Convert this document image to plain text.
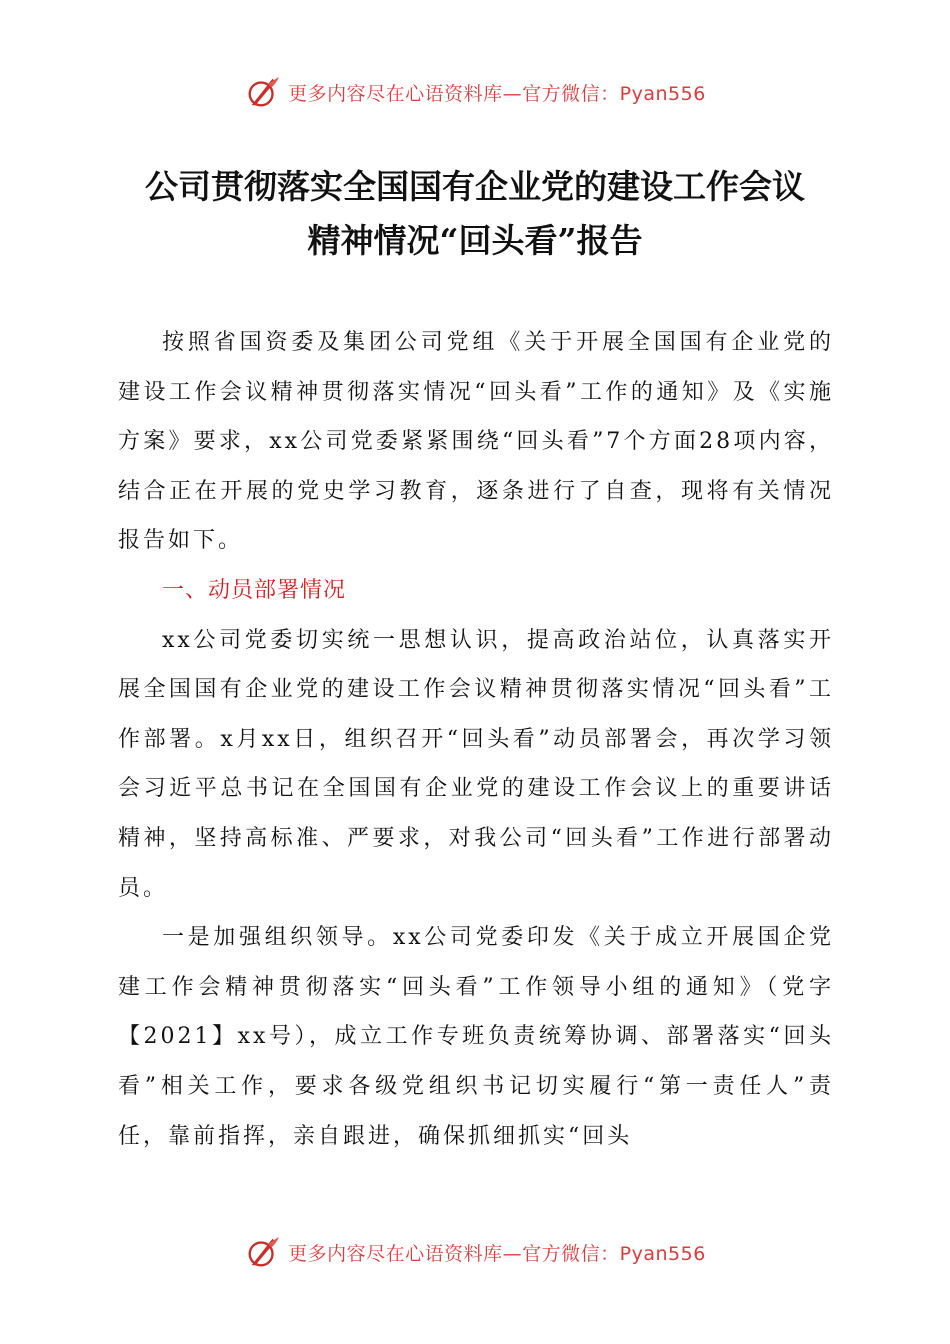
更多内容尽在心语资料库—官方微信：Pyan556
公司贯彻落实全国国有企业党的建设工作会议
精神情况“回头看”报告

按照省国资委及集团公司党组《关于开展全国国有企业党的建设工作会议精神贯彻落实情况“回头看”工作的通知》及《实施方案》要求，xx公司党委紧紧围绕“回头看”7个方面28项内容，结合正在开展的党史学习教育，逐条进行了自查，现将有关情况报告如下。

一、动员部署情况

xx公司党委切实统一思想认识，提高政治站位，认真落实开展全国国有企业党的建设工作会议精神贯彻落实情况“回头看”工作部署。x月xx日，组织召开“回头看”动员部署会，再次学习领会习近平总书记在全国国有企业党的建设工作会议上的重要讲话精神，坚持高标准、严要求，对我公司“回头看”工作进行部署动员。

一是加强组织领导。xx公司党委印发《关于成立开展国企党建工作会精神贯彻落实“回头看”工作领导小组的通知》（党字【2021】xx号），成立工作专班负责统筹协调、部署落实“回头看”相关工作，要求各级党组织书记切实履行“第一责任人”责任，靠前指挥，亲自跟进，确保抓细抓实“回头

更多内容尽在心语资料库—官方微信：Pyan556
